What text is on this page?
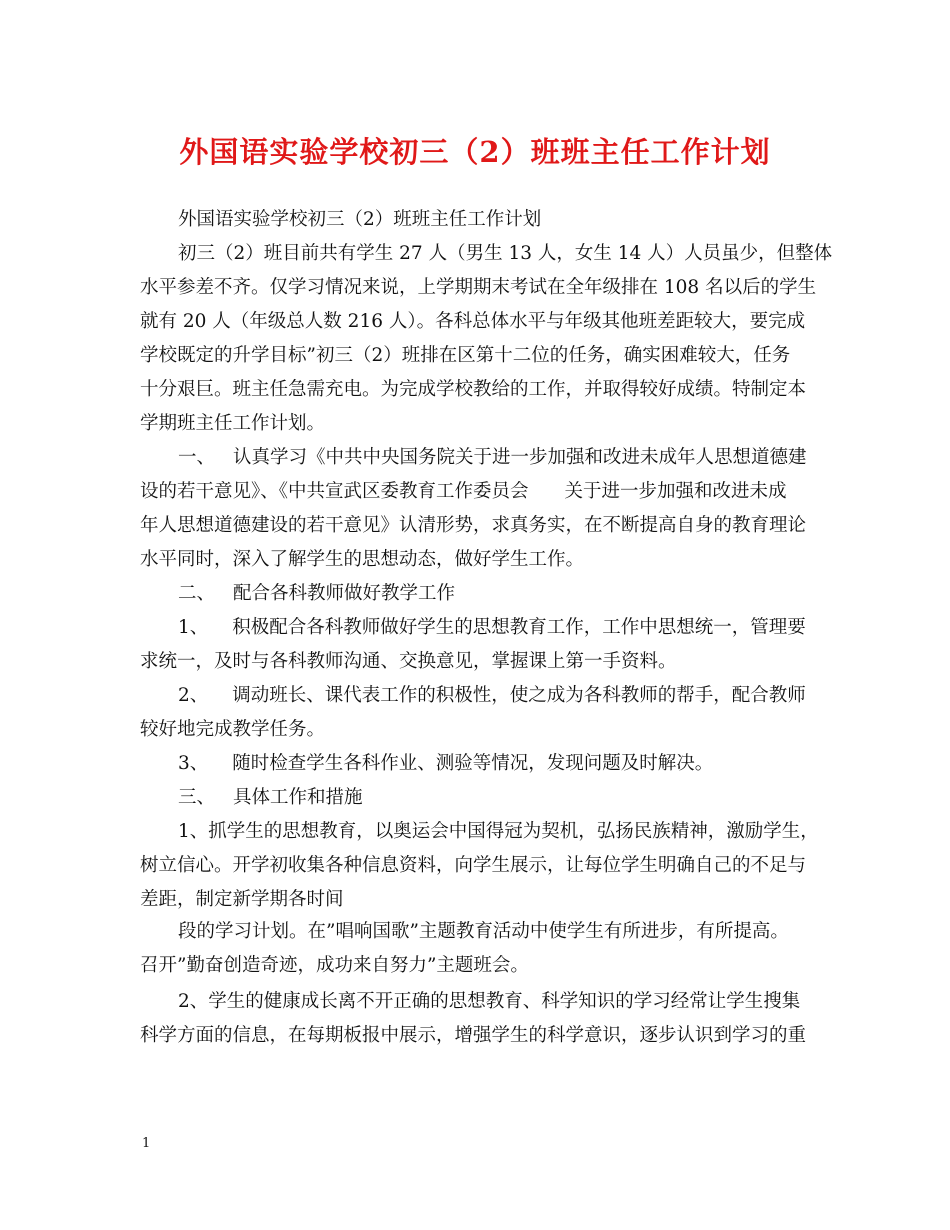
外国语实验学校初三（2）班班主任工作计划
外国语实验学校初三（2）班班主任工作计划
初三（2）班目前共有学生 27 人（男生 13 人，女生 14 人）人员虽少，但整体
水平参差不齐。仅学习情况来说，上学期期末考试在全年级排在 108 名以后的学生
就有 20 人（年级总人数 216 人）。各科总体水平与年级其他班差距较大，要完成
学校既定的升学目标”初三（2）班排在区第十二位的任务，确实困难较大，任务
十分艰巨。班主任急需充电。为完成学校教给的工作，并取得较好成绩。特制定本
学期班主任工作计划。
一、 认真学习《中共中央国务院关于进一步加强和改进未成年人思想道德建
设的若干意见》、《中共宣武区委教育工作委员会 关于进一步加强和改进未成
年人思想道德建设的若干意见》认清形势，求真务实，在不断提高自身的教育理论
水平同时，深入了解学生的思想动态，做好学生工作。
二、 配合各科教师做好教学工作
1、 积极配合各科教师做好学生的思想教育工作，工作中思想统一，管理要
求统一，及时与各科教师沟通、交换意见，掌握课上第一手资料。
2、 调动班长、课代表工作的积极性，使之成为各科教师的帮手，配合教师
较好地完成教学任务。
3、 随时检查学生各科作业、测验等情况，发现问题及时解决。
三、 具体工作和措施
1、抓学生的思想教育，以奥运会中国得冠为契机，弘扬民族精神，激励学生，
树立信心。开学初收集各种信息资料，向学生展示，让每位学生明确自己的不足与
差距，制定新学期各时间
段的学习计划。在”唱响国歌”主题教育活动中使学生有所进步，有所提高。
召开”勤奋创造奇迹，成功来自努力”主题班会。
2、学生的健康成长离不开正确的思想教育、科学知识的学习经常让学生搜集
科学方面的信息，在每期板报中展示，增强学生的科学意识，逐步认识到学习的重
1
